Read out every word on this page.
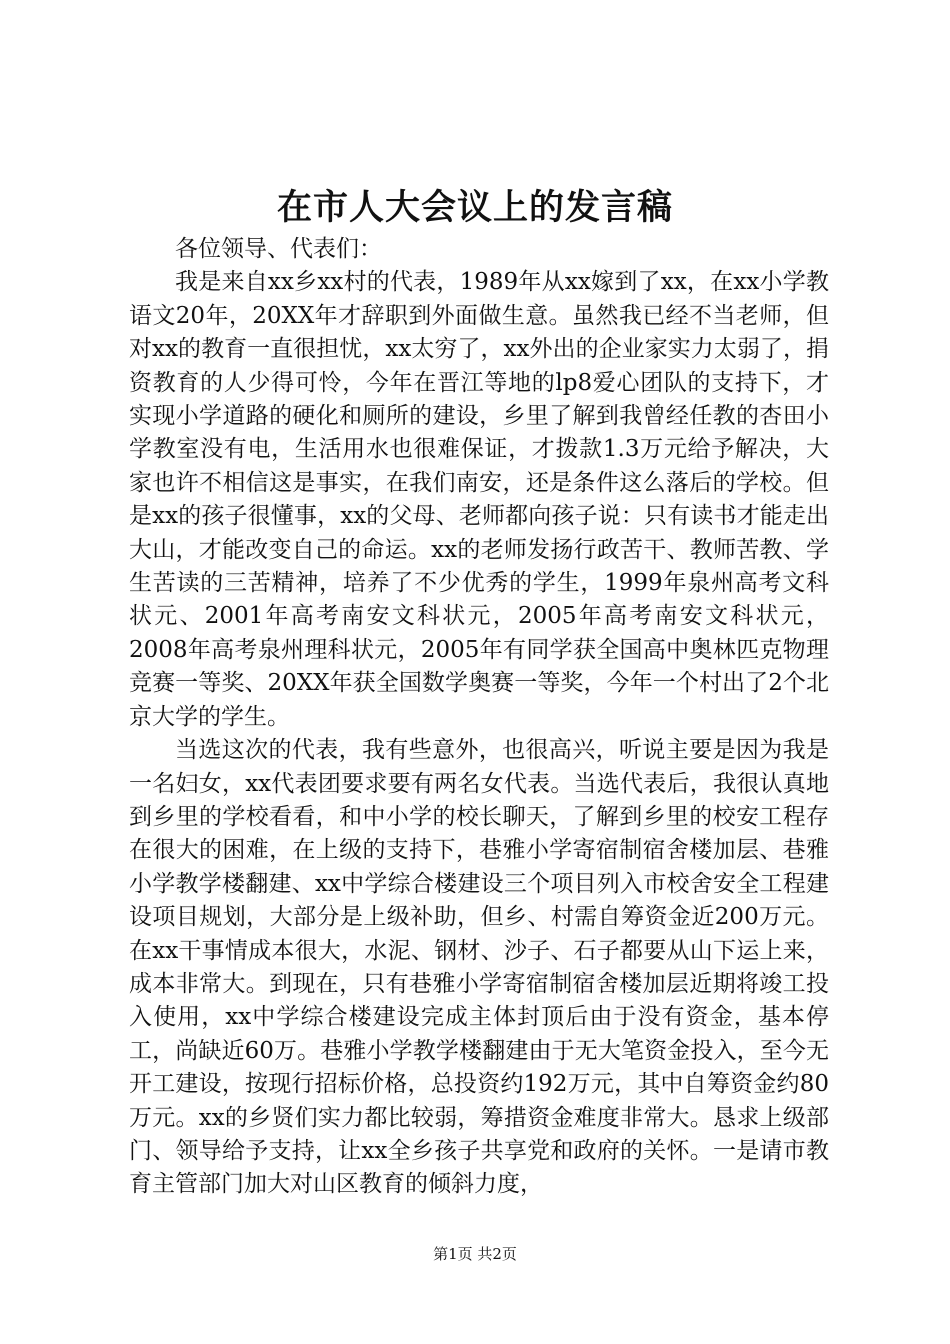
在市人大会议上的发言稿

各位领导、代表们：

我是来自xx乡xx村的代表，1989年从xx嫁到了xx，在xx小学教语文20年，20XX年才辞职到外面做生意。虽然我已经不当老师，但对xx的教育一直很担忧，xx太穷了，xx外出的企业家实力太弱了，捐资教育的人少得可怜，今年在晋江等地的lp8爱心团队的支持下，才实现小学道路的硬化和厕所的建设，乡里了解到我曾经任教的杏田小学教室没有电，生活用水也很难保证，才拨款1.3万元给予解决，大家也许不相信这是事实，在我们南安，还是条件这么落后的学校。但是xx的孩子很懂事，xx的父母、老师都向孩子说：只有读书才能走出大山，才能改变自己的命运。xx的老师发扬行政苦干、教师苦教、学生苦读的三苦精神，培养了不少优秀的学生，1999年泉州高考文科状元、2001年高考南安文科状元，2005年高考南安文科状元，2008年高考泉州理科状元，2005年有同学获全国高中奥林匹克物理竞赛一等奖、20XX年获全国数学奥赛一等奖，今年一个村出了2个北京大学的学生。

当选这次的代表，我有些意外，也很高兴，听说主要是因为我是一名妇女，xx代表团要求要有两名女代表。当选代表后，我很认真地到乡里的学校看看，和中小学的校长聊天，了解到乡里的校安工程存在很大的困难，在上级的支持下，巷雅小学寄宿制宿舍楼加层、巷雅小学教学楼翻建、xx中学综合楼建设三个项目列入市校舍安全工程建设项目规划，大部分是上级补助，但乡、村需自筹资金近200万元。在xx干事情成本很大，水泥、钢材、沙子、石子都要从山下运上来，成本非常大。到现在，只有巷雅小学寄宿制宿舍楼加层近期将竣工投入使用，xx中学综合楼建设完成主体封顶后由于没有资金，基本停工，尚缺近60万。巷雅小学教学楼翻建由于无大笔资金投入，至今无开工建设，按现行招标价格，总投资约192万元，其中自筹资金约80万元。xx的乡贤们实力都比较弱，筹措资金难度非常大。恳求上级部门、领导给予支持，让xx全乡孩子共享党和政府的关怀。一是请市教育主管部门加大对山区教育的倾斜力度，

第1页 共2页
